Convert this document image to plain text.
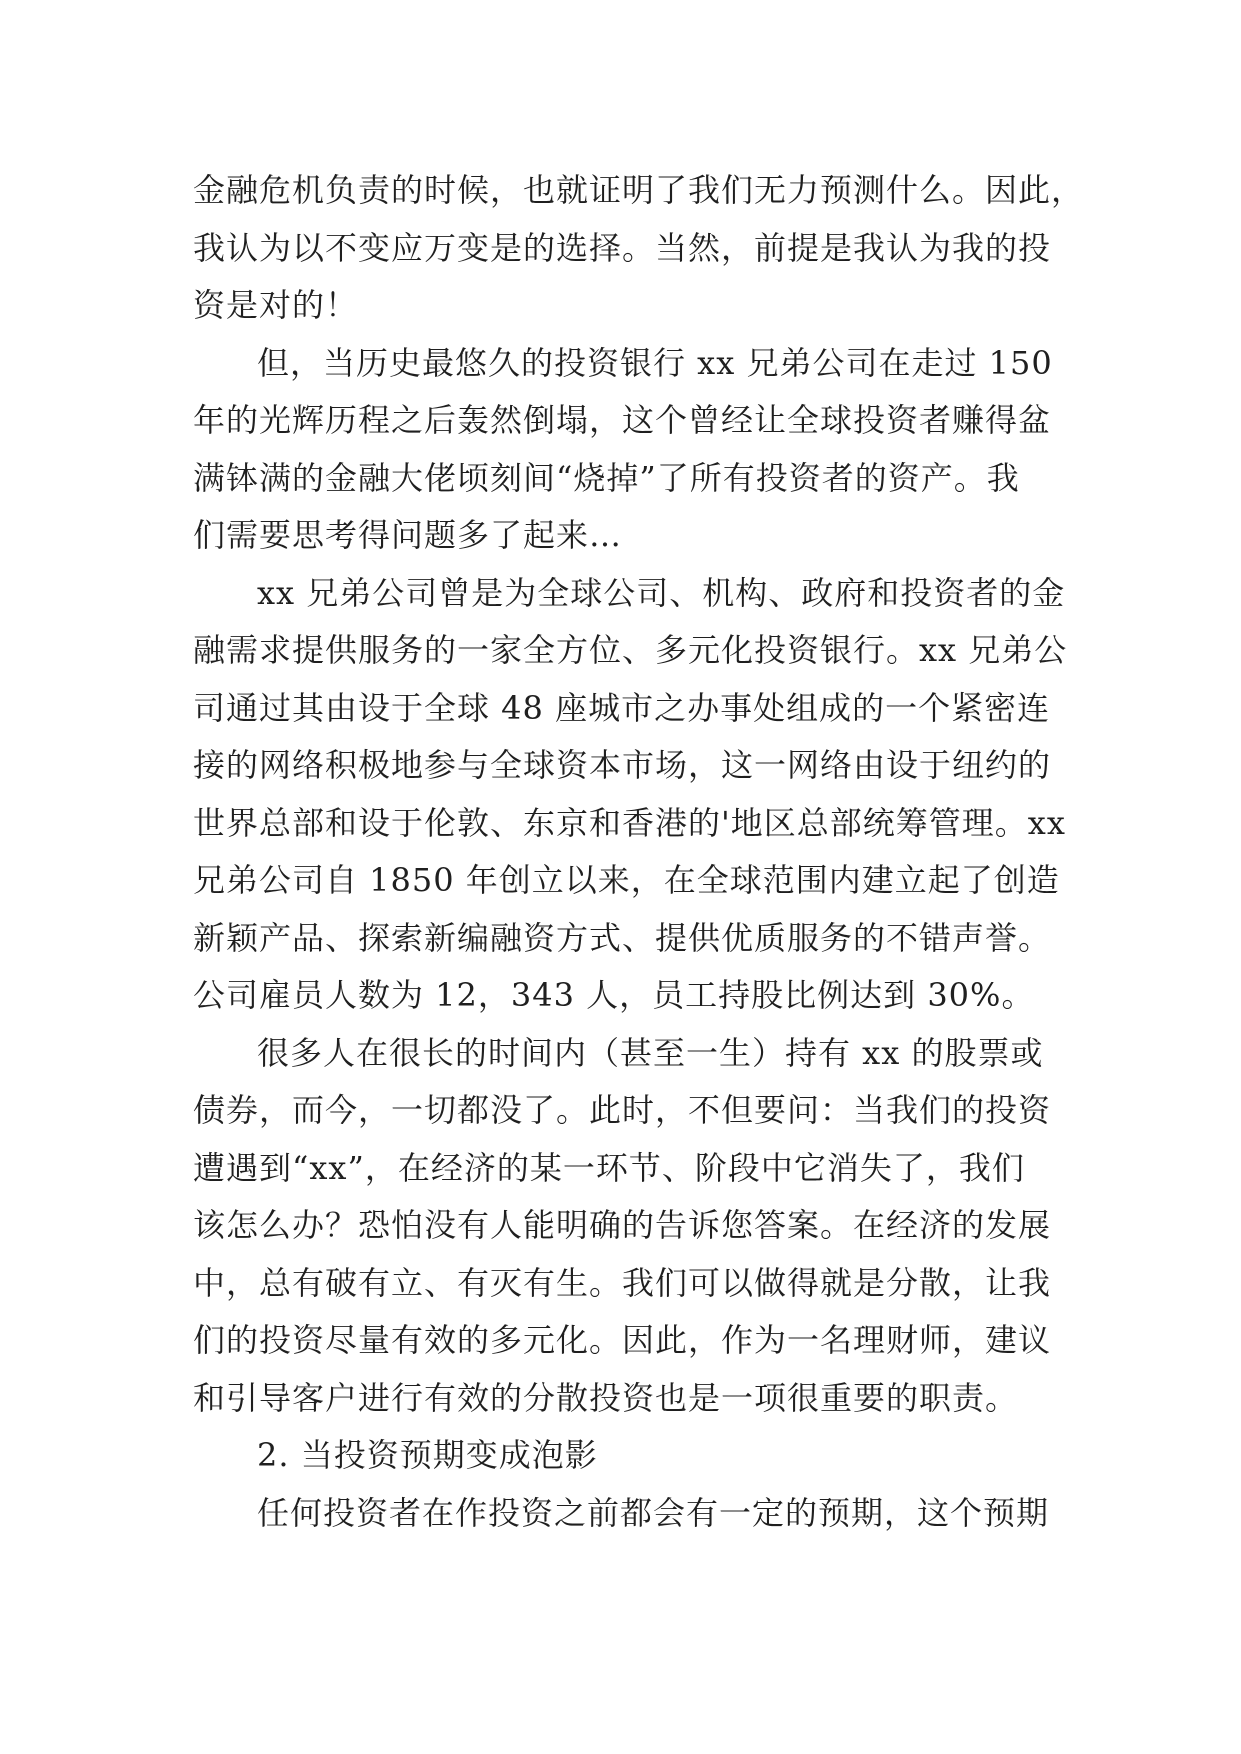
金融危机负责的时候，也就证明了我们无力预测什么。因此，
我认为以不变应万变是的选择。当然，前提是我认为我的投
资是对的！

但，当历史最悠久的投资银行 xx 兄弟公司在走过 150
年的光辉历程之后轰然倒塌，这个曾经让全球投资者赚得盆
满钵满的金融大佬顷刻间“烧掉”了所有投资者的资产。我
们需要思考得问题多了起来…

xx 兄弟公司曾是为全球公司、机构、政府和投资者的金
融需求提供服务的一家全方位、多元化投资银行。xx 兄弟公
司通过其由设于全球 48 座城市之办事处组成的一个紧密连
接的网络积极地参与全球资本市场，这一网络由设于纽约的
世界总部和设于伦敦、东京和香港的'地区总部统筹管理。xx
兄弟公司自 1850 年创立以来，在全球范围内建立起了创造
新颖产品、探索新编融资方式、提供优质服务的不错声誉。
公司雇员人数为 12，343 人，员工持股比例达到 30%。

很多人在很长的时间内（甚至一生）持有 xx 的股票或
债券，而今，一切都没了。此时，不但要问：当我们的投资
遭遇到“xx”，在经济的某一环节、阶段中它消失了，我们
该怎么办？恐怕没有人能明确的告诉您答案。在经济的发展
中，总有破有立、有灭有生。我们可以做得就是分散，让我
们的投资尽量有效的多元化。因此，作为一名理财师，建议
和引导客户进行有效的分散投资也是一项很重要的职责。

2. 当投资预期变成泡影

任何投资者在作投资之前都会有一定的预期，这个预期
